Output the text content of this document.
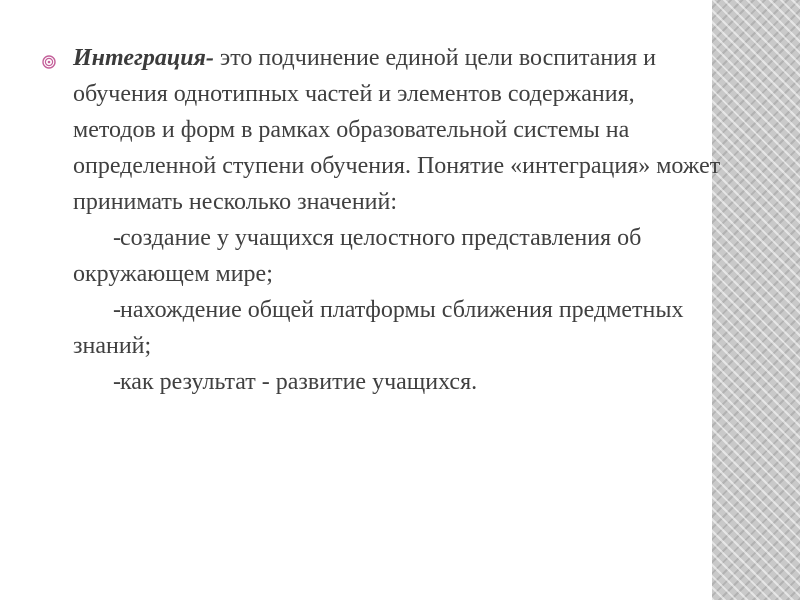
Интеграция- это подчинение единой цели воспитания и обучения однотипных частей и элементов содержания, методов и форм в рамках образовательной системы на определенной ступени обучения. Понятие «интеграция» может принимать несколько значений:

- создание у учащихся целостного представления об окружающем мире;
- нахождение общей платформы сближения предметных знаний;
- как результат - развитие учащихся.
